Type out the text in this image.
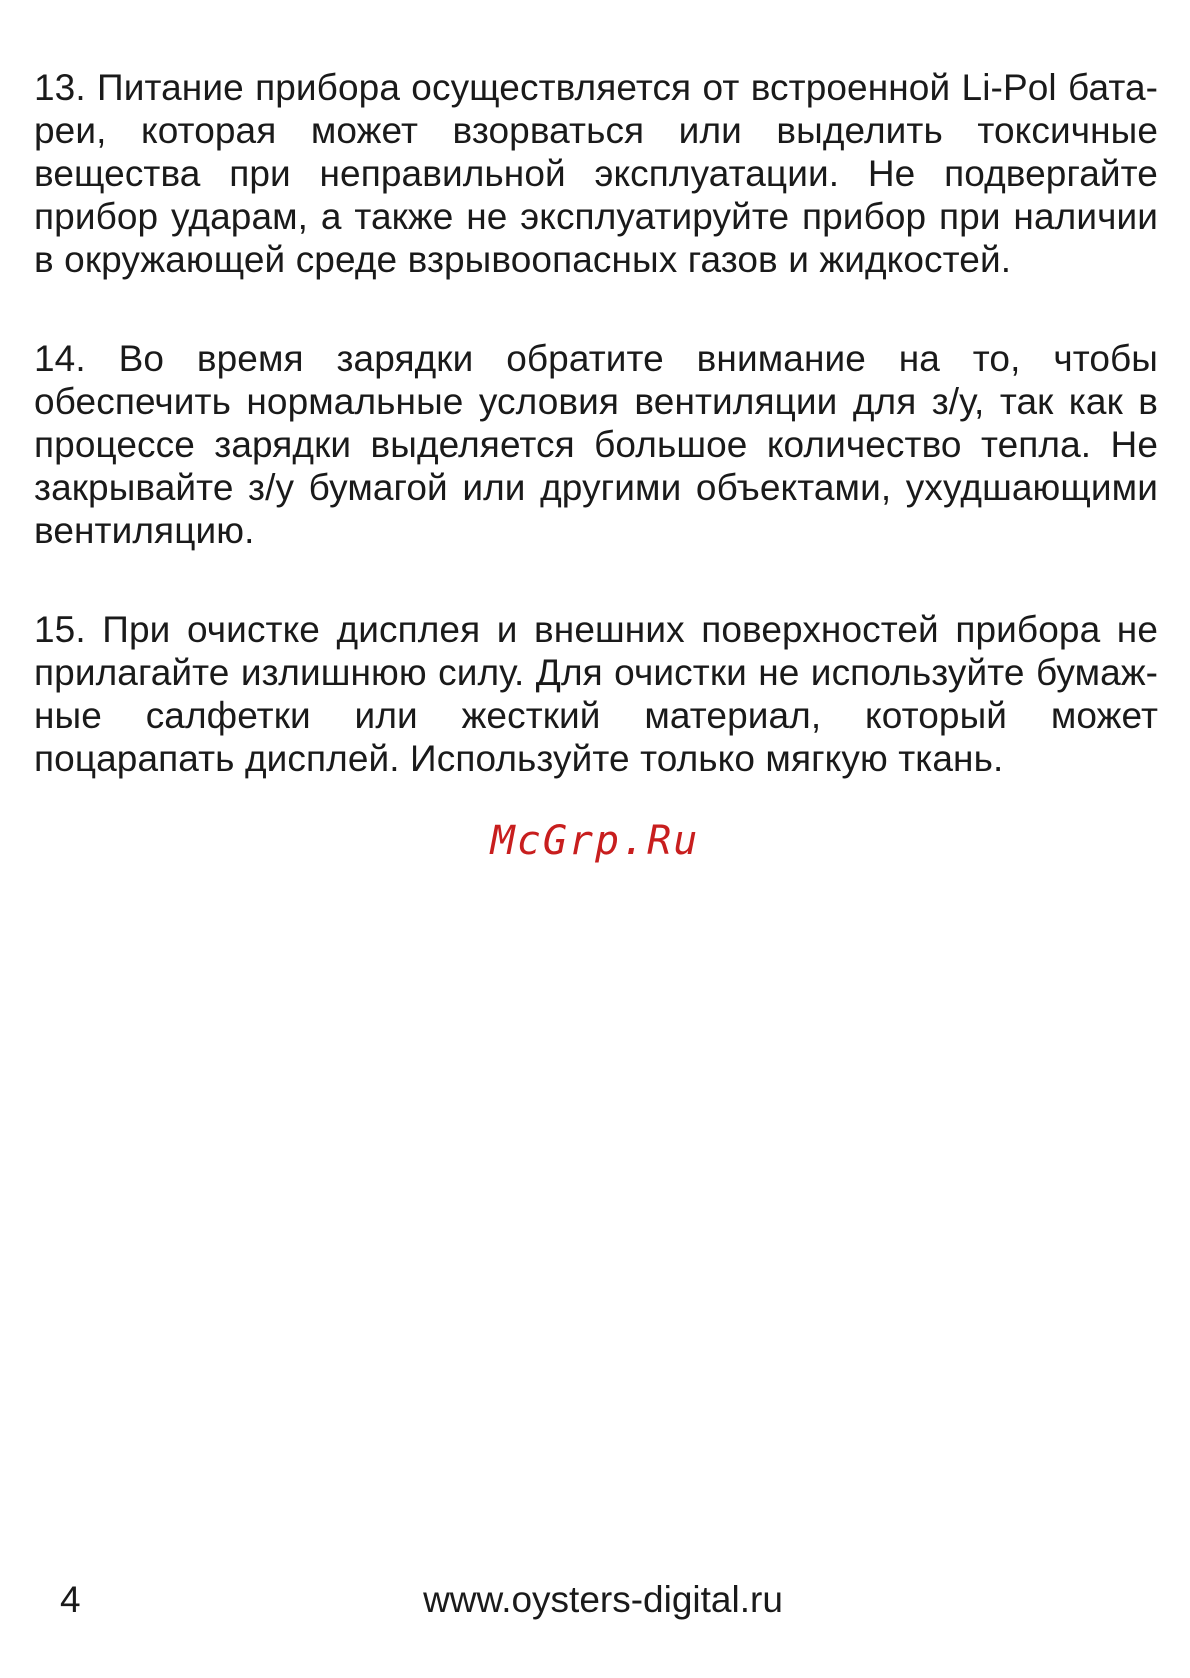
13. Питание прибора осуществляется от встроенной Li-Pol батареи, которая может взорваться или выделить токсичные вещества при неправильной эксплуатации. Не подвергайте прибор ударам, а также не эксплуатируйте прибор при наличии в окружающей среде взрывоопасных газов и жидкостей.

14. Во время зарядки обратите внимание на то, чтобы обеспечить нормальные условия вентиляции для з/у, так как в процессе зарядки выделяется большое количество тепла. Не закрывайте з/у бумагой или другими объектами, ухудшающими вентиляцию.

15. При очистке дисплея и внешних поверхностей прибора не прилагайте излишнюю силу. Для очистки не используйте бумажные салфетки или жесткий материал, который может поцарапать дисплей. Используйте только мягкую ткань.

McGrp.Ru
4	www.oysters-digital.ru
